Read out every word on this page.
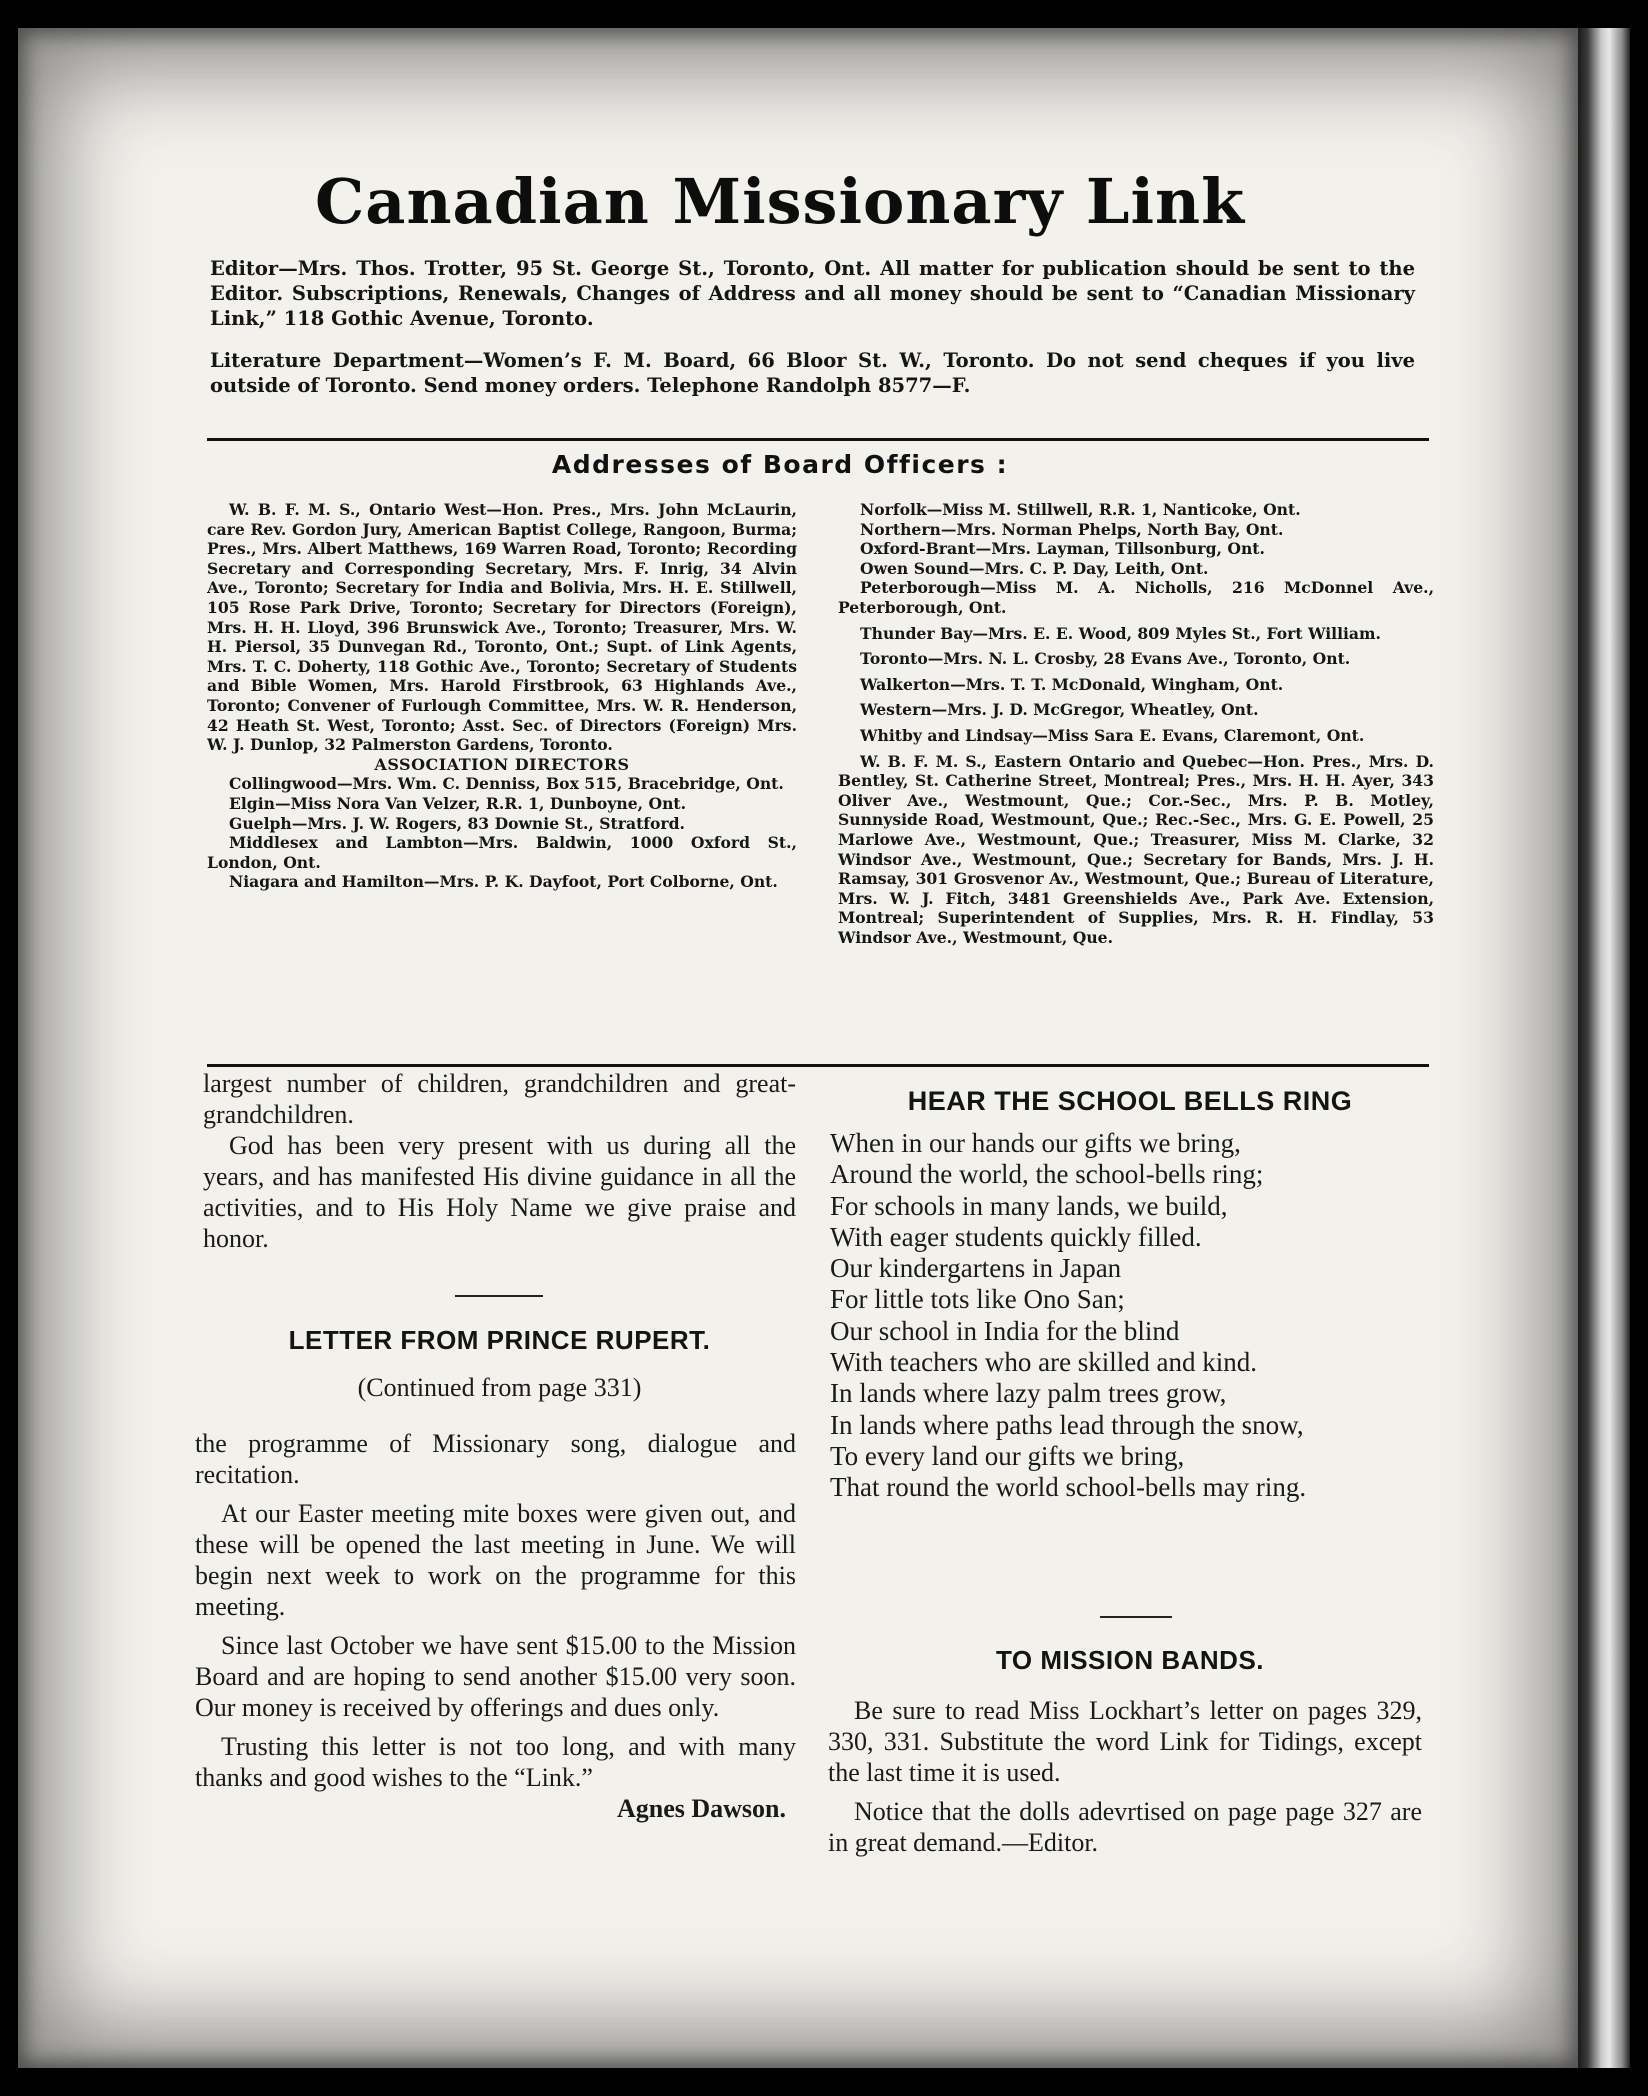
Canadian Missionary Link
Editor—Mrs. Thos. Trotter, 95 St. George St., Toronto, Ont. All matter for publication should be sent to the Editor. Subscriptions, Renewals, Changes of Address and all money should be sent to “Canadian Missionary Link,” 118 Gothic Avenue, Toronto.
Literature Department—Women’s F. M. Board, 66 Bloor St. W., Toronto. Do not send cheques if you live outside of Toronto. Send money orders. Telephone Randolph 8577—F.
Addresses of Board Officers :

W. B. F. M. S., Ontario West—Hon. Pres., Mrs. John McLaurin, care Rev. Gordon Jury, American Baptist College, Rangoon, Burma; Pres., Mrs. Albert Matthews, 169 Warren Road, Toronto; Recording Secretary and Corresponding Secretary, Mrs. F. Inrig, 34 Alvin Ave., Toronto; Secretary for India and Bolivia, Mrs. H. E. Stillwell, 105 Rose Park Drive, Toronto; Secretary for Directors (Foreign), Mrs. H. H. Lloyd, 396 Brunswick Ave., Toronto; Treasurer, Mrs. W. H. Piersol, 35 Dunvegan Rd., Toronto, Ont.; Supt. of Link Agents, Mrs. T. C. Doherty, 118 Gothic Ave., Toronto; Secretary of Students and Bible Women, Mrs. Harold Firstbrook, 63 Highlands Ave., Toronto; Convener of Furlough Committee, Mrs. W. R. Henderson, 42 Heath St. West, Toronto; Asst. Sec. of Directors (Foreign) Mrs. W. J. Dunlop, 32 Palmerston Gardens, Toronto.

ASSOCIATION DIRECTORS

Collingwood—Mrs. Wm. C. Denniss, Box 515, Bracebridge, Ont.

Elgin—Miss Nora Van Velzer, R.R. 1, Dunboyne, Ont.

Guelph—Mrs. J. W. Rogers, 83 Downie St., Stratford.

Middlesex and Lambton—Mrs. Baldwin, 1000 Oxford St., London, Ont.

Niagara and Hamilton—Mrs. P. K. Dayfoot, Port Colborne, Ont.

Norfolk—Miss M. Stillwell, R.R. 1, Nanticoke, Ont.

Northern—Mrs. Norman Phelps, North Bay, Ont.

Oxford-Brant—Mrs. Layman, Tillsonburg, Ont.

Owen Sound—Mrs. C. P. Day, Leith, Ont.

Peterborough—Miss M. A. Nicholls, 216 McDonnel Ave., Peterborough, Ont.

Thunder Bay—Mrs. E. E. Wood, 809 Myles St., Fort William.

Toronto—Mrs. N. L. Crosby, 28 Evans Ave., Toronto, Ont.

Walkerton—Mrs. T. T. McDonald, Wingham, Ont.

Western—Mrs. J. D. McGregor, Wheatley, Ont.

Whitby and Lindsay—Miss Sara E. Evans, Claremont, Ont.

W. B. F. M. S., Eastern Ontario and Quebec—Hon. Pres., Mrs. D. Bentley, St. Catherine Street, Montreal; Pres., Mrs. H. H. Ayer, 343 Oliver Ave., Westmount, Que.; Cor.-Sec., Mrs. P. B. Motley, Sunnyside Road, Westmount, Que.; Rec.-Sec., Mrs. G. E. Powell, 25 Marlowe Ave., Westmount, Que.; Treasurer, Miss M. Clarke, 32 Windsor Ave., Westmount, Que.; Secretary for Bands, Mrs. J. H. Ramsay, 301 Grosvenor Av., Westmount, Que.; Bureau of Literature, Mrs. W. J. Fitch, 3481 Greenshields Ave., Park Ave. Extension, Montreal; Superintendent of Supplies, Mrs. R. H. Findlay, 53 Windsor Ave., Westmount, Que.

largest number of children, grandchildren and great-grandchildren.

God has been very present with us during all the years, and has manifested His divine guidance in all the activities, and to His Holy Name we give praise and honor.

LETTER FROM PRINCE RUPERT.
(Continued from page 331)

the programme of Missionary song, dialogue and recitation.

At our Easter meeting mite boxes were given out, and these will be opened the last meeting in June. We will begin next week to work on the programme for this meeting.

Since last October we have sent $15.00 to the Mission Board and are hoping to send another $15.00 very soon. Our money is received by offerings and dues only.

Trusting this letter is not too long, and with many thanks and good wishes to the “Link.”

Agnes Dawson.

HEAR THE SCHOOL BELLS RING
When in our hands our gifts we bring,
Around the world, the school-bells ring;
For schools in many lands, we build,
With eager students quickly filled.
Our kindergartens in Japan
For little tots like Ono San;
Our school in India for the blind
With teachers who are skilled and kind.
In lands where lazy palm trees grow,
In lands where paths lead through the snow,
To every land our gifts we bring,
That round the world school-bells may ring.
TO MISSION BANDS.

Be sure to read Miss Lockhart’s letter on pages 329, 330, 331. Substitute the word Link for Tidings, except the last time it is used.

Notice that the dolls adevrtised on page page 327 are in great demand.—Editor.
